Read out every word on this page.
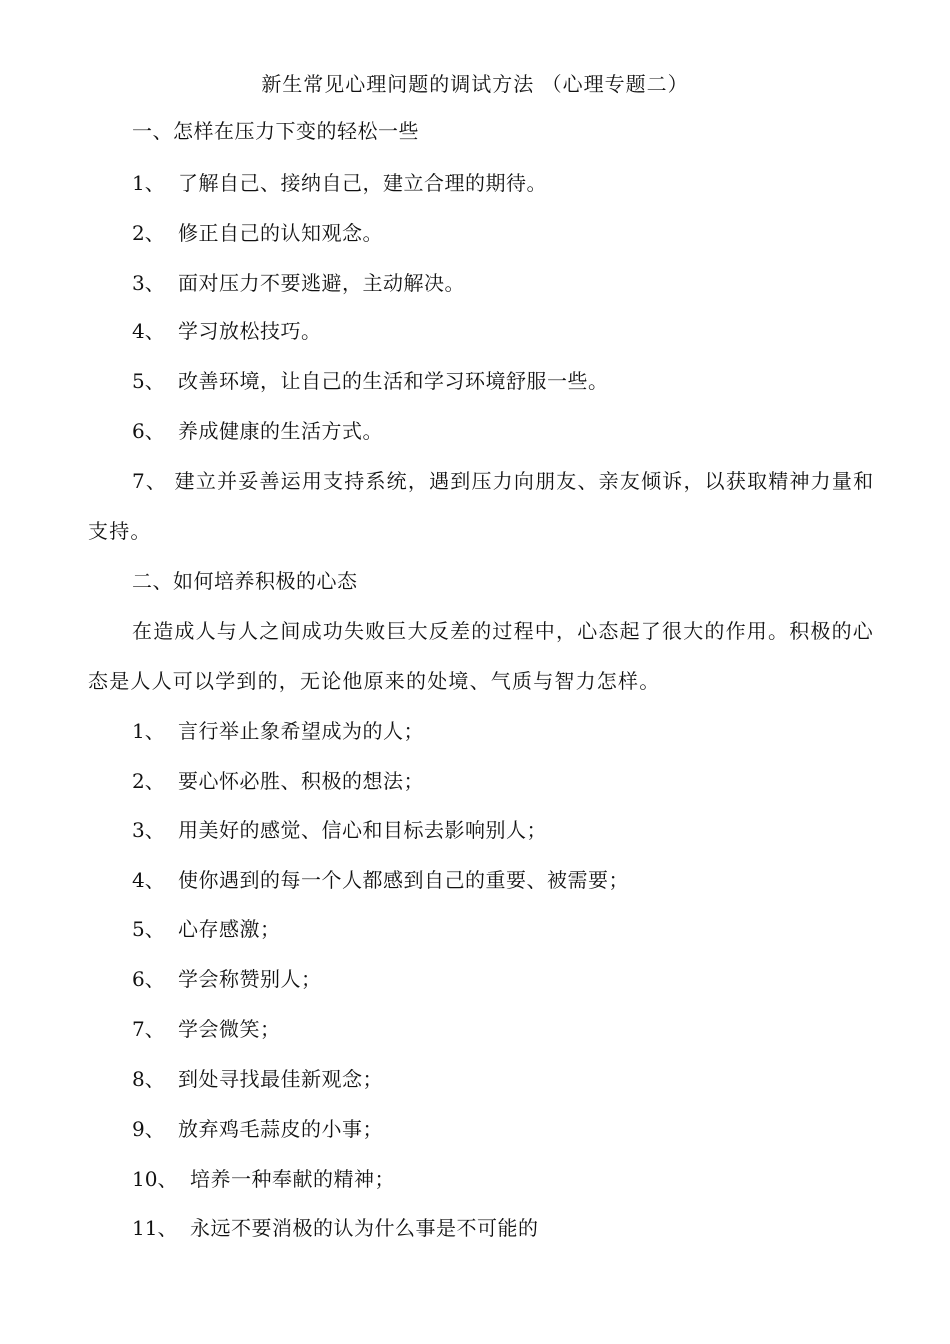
新生常见心理问题的调试方法 （心理专题二）
一、怎样在压力下变的轻松一些
1、 了解自己、接纳自己，建立合理的期待。
2、 修正自己的认知观念。
3、 面对压力不要逃避，主动解决。
4、 学习放松技巧。
5、 改善环境，让自己的生活和学习环境舒服一些。
6、 养成健康的生活方式。
7、 建立并妥善运用支持系统，遇到压力向朋友、亲友倾诉，以获取精神力量和支持。
二、如何培养积极的心态
在造成人与人之间成功失败巨大反差的过程中，心态起了很大的作用。积极的心态是人人可以学到的，无论他原来的处境、气质与智力怎样。
1、 言行举止象希望成为的人；
2、 要心怀必胜、积极的想法；
3、 用美好的感觉、信心和目标去影响别人；
4、 使你遇到的每一个人都感到自己的重要、被需要；
5、 心存感激；
6、 学会称赞别人；
7、 学会微笑；
8、 到处寻找最佳新观念；
9、 放弃鸡毛蒜皮的小事；
10、 培养一种奉献的精神；
11、 永远不要消极的认为什么事是不可能的
